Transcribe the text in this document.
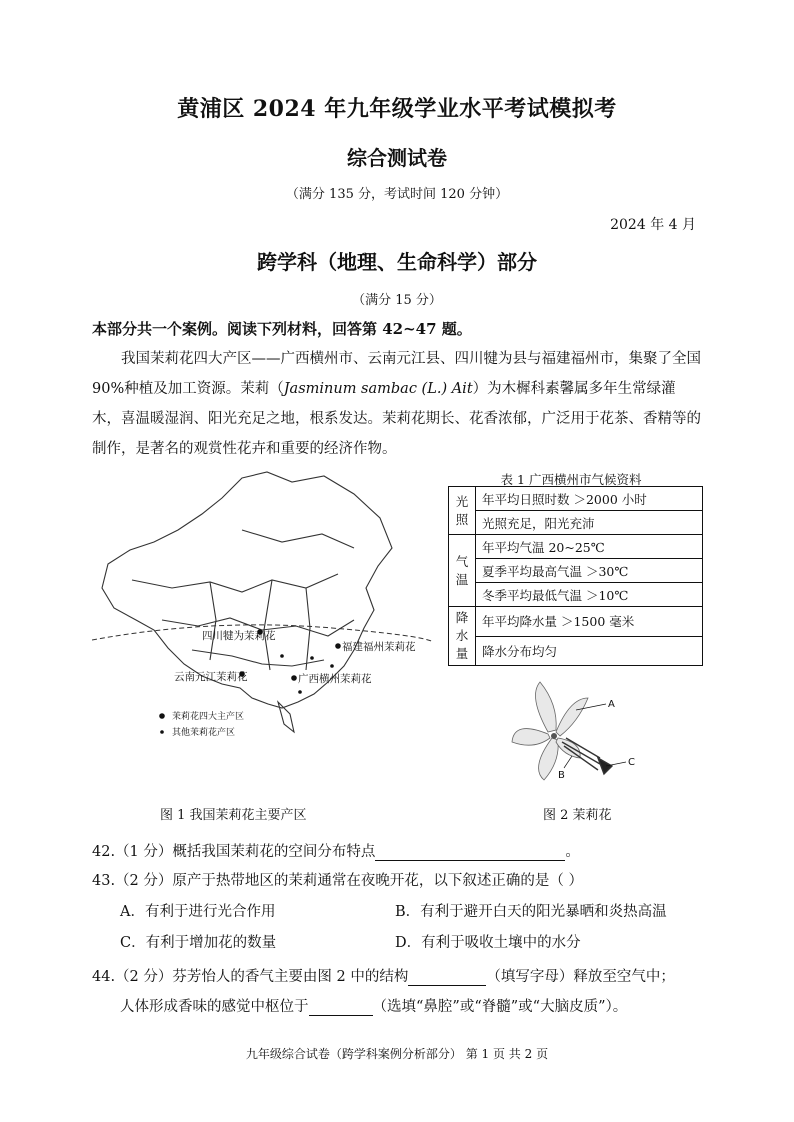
黄浦区 2024 年九年级学业水平考试模拟考
综合测试卷
（满分 135 分，考试时间 120 分钟）
2024 年 4 月
跨学科（地理、生命科学）部分
（满分 15 分）
本部分共一个案例。阅读下列材料，回答第 42~47 题。
我国茉莉花四大产区——广西横州市、云南元江县、四川犍为县与福建福州市，集聚了全国 90%种植及加工资源。茉莉（Jasminum sambac (L.) Ait）为木樨科素馨属多年生常绿灌木，喜温暖湿润、阳光充足之地，根系发达。茉莉花期长、花香浓郁，广泛用于花茶、香精等的制作，是著名的观赏性花卉和重要的经济作物。
四川犍为茉莉花
福建福州茉莉花
云南元江茉莉花	广西横州茉莉花
茉莉花四大主产区
其他茉莉花产区
图 1 我国茉莉花主要产区
表 1 广西横州市气候资料
光照	年平均日照时数 ＞2000 小时
	光照充足，阳光充沛

气温	年平均气温 20~25℃
	夏季平均最高气温 ＞30℃
	冬季平均最低气温 ＞10℃

降水量	年平均降水量 ＞1500 毫米
	降水分布均匀
A
B
C
图 2 茉莉花
42.（1 分）概括我国茉莉花的空间分布特点	。
43.（2 分）原产于热带地区的茉莉通常在夜晚开花，以下叙述正确的是（ ）
A．有利于进行光合作用	B．有利于避开白天的阳光暴晒和炎热高温
C．有利于增加花的数量	D．有利于吸收土壤中的水分
44.（2 分）芬芳怡人的香气主要由图 2 中的结构	（填写字母）释放至空气中；
人体形成香味的感觉中枢位于	（选填“鼻腔”或“脊髓”或“大脑皮质”）。
九年级综合试卷（跨学科案例分析部分） 第 1 页 共 2 页
